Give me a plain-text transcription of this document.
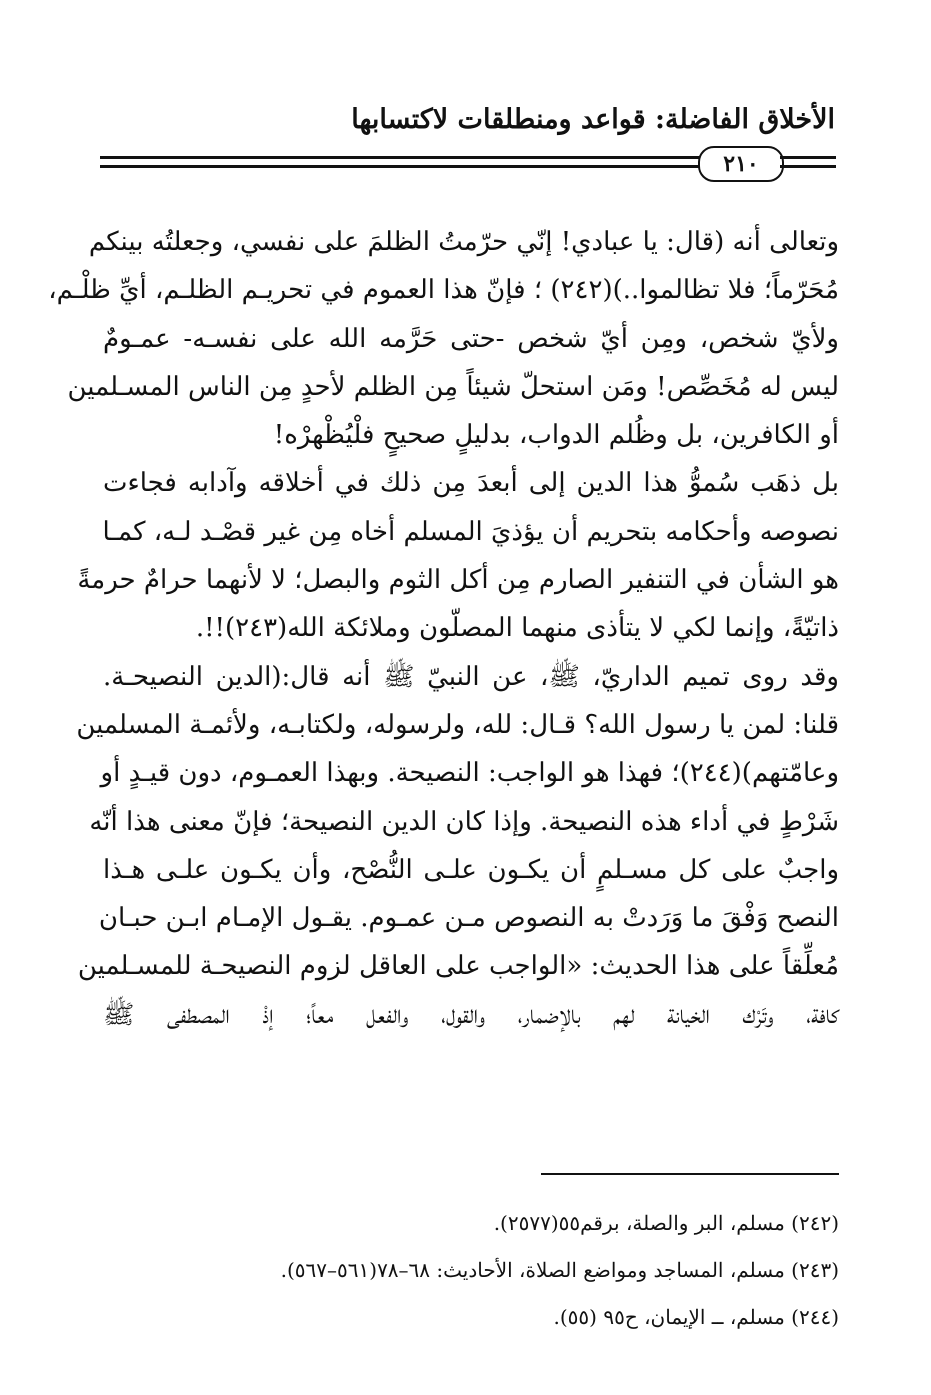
الأخلاق الفاضلة: قواعد ومنطلقات لاكتسابها
٢١٠
وتعالى أنه (قال: يا عبادي! إنّي حرّمتُ الظلمَ على نفسي، وجعلتُه بينكم
مُحَرّماً؛ فلا تظالموا..)(٢٤٢) ؛ فإنّ هذا العموم في تحريـم الظلـم، أيِّ ظلْـم،
ولأيّ شخص، ومِن أيّ شخص -حتى حَرَّمه الله على نفسـه- عمـومٌ
ليس له مُخَصِّص! ومَن استحلّ شيئاً مِن الظلم لأحدٍ مِن الناس المسـلمين
أو الكافرين، بل وظُلم الدواب، بدليلٍ صحيحٍ فلْيُظْهرْه!
بل ذهَب سُموُّ هذا الدين إلى أبعدَ مِن ذلك في أخلاقه وآدابه فجاءت
نصوصه وأحكامه بتحريم أن يؤذيَ المسلم أخاه مِن غير قصْـد لـه، كمـا
هو الشأن في التنفير الصارم مِن أكل الثوم والبصل؛ لا لأنهما حرامٌ حرمةً
ذاتيّةً، وإنما لكي لا يتأذى منهما المصلّون وملائكة الله(٢٤٣)!!.
وقد روى تميم الداريّ، ﷺ، عن النبيّ ﷺ أنه قال:(الدين النصيحـة.
قلنا: لمن يا رسول الله؟ قـال: لله، ولرسوله، ولكتابـه، ولأئمـة المسلمين
وعامّتهم)(٢٤٤)؛ فهذا هو الواجب: النصيحة. وبهذا العمـوم، دون قيـدٍ أو
شَرْطٍ في أداء هذه النصيحة. وإذا كان الدين النصيحة؛ فإنّ معنى هذا أنّه
واجبٌ على كل مسـلمٍ أن يكـون علـى النُّصْح، وأن يكـون علـى هـذا
النصح وَفْقَ ما وَرَدتْ به النصوص مـن عمـوم. يقـول الإمـام ابـن حبـان
مُعلِّقاً على هذا الحديث: «الواجب على العاقل لزوم النصيحـة للمسـلمين
كافة، وتَرْك الخيانة لهم بالإضمار، والقول، والفعل معاً؛ إذْ المصطفى ﷺ
(٢٤٢) مسلم، البر والصلة، برقم٥٥(٢٥٧٧).
(٢٤٣) مسلم، المساجد ومواضع الصلاة، الأحاديث: ٦٨–٧٨(٥٦١–٥٦٧).
(٢٤٤) مسلم، ــ الإيمان، ح٩٥ (٥٥).
